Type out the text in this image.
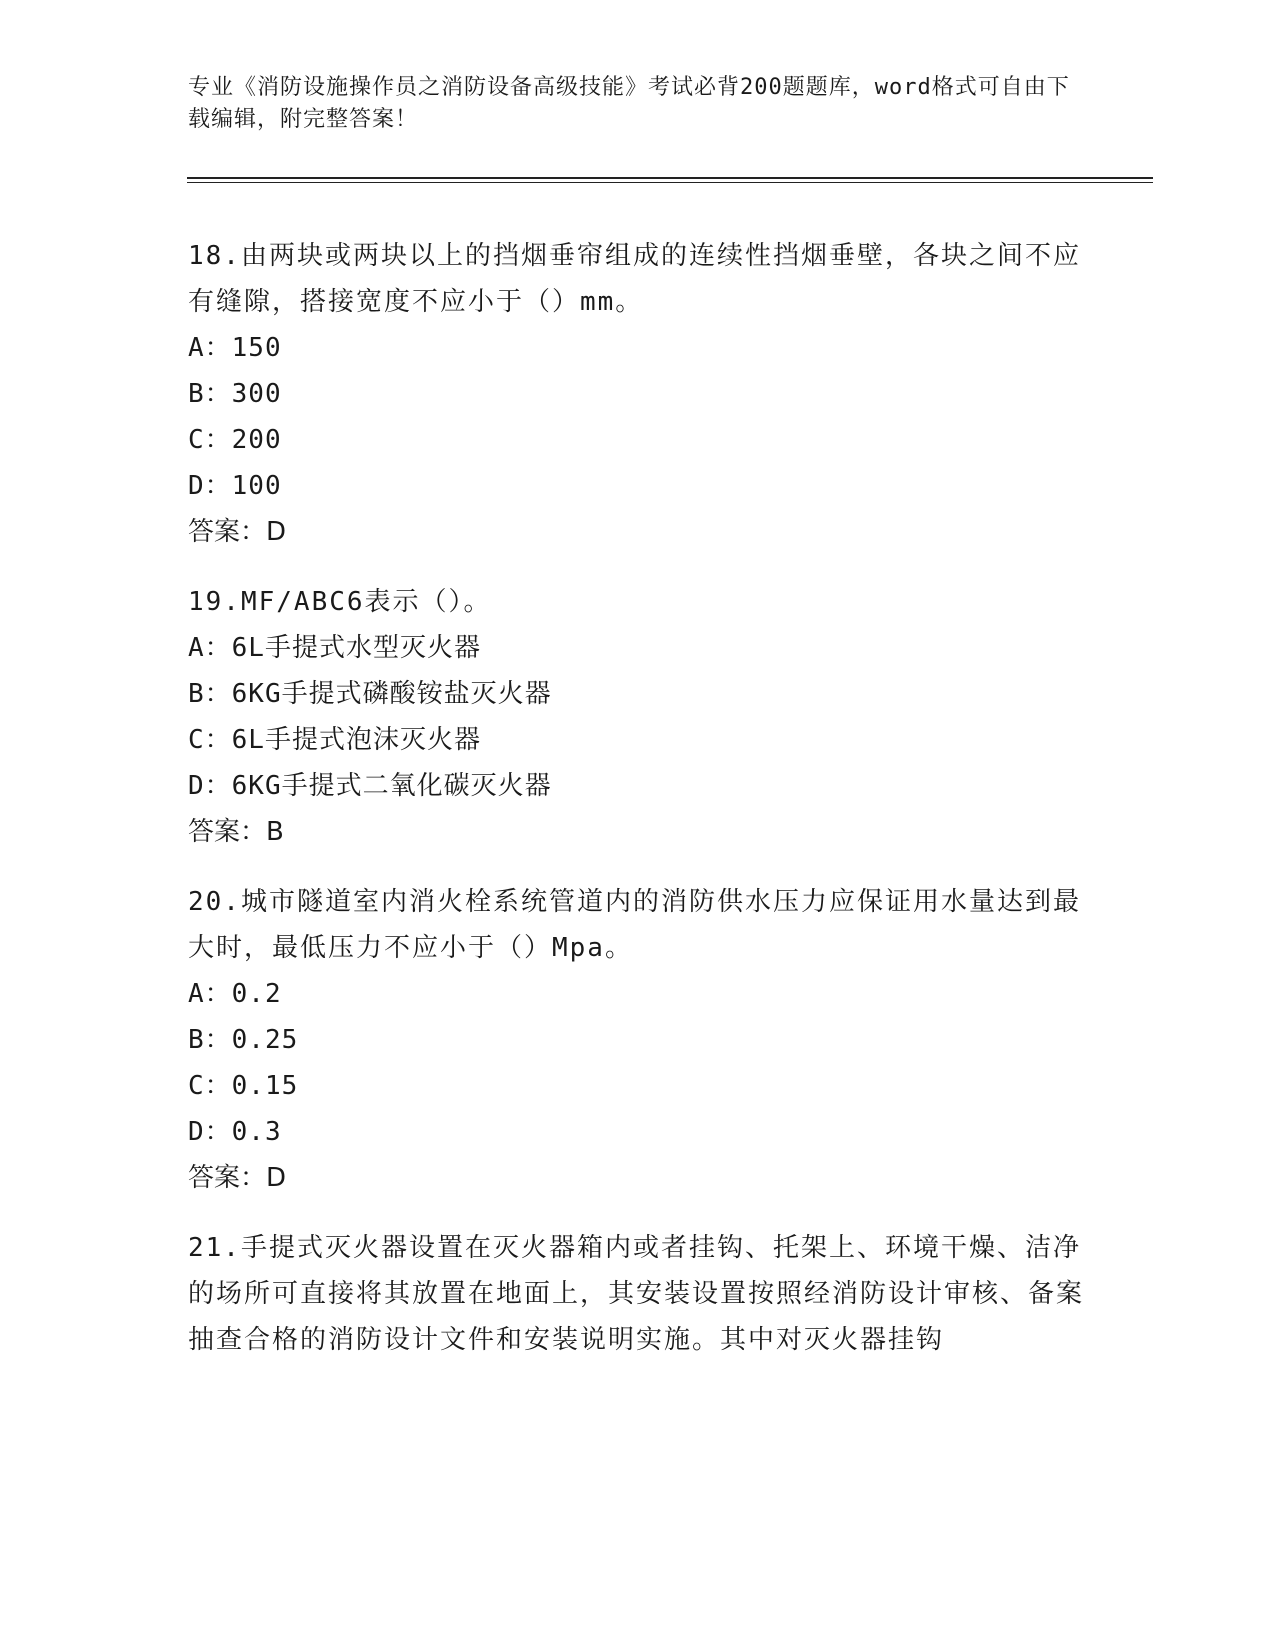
专业《消防设施操作员之消防设备高级技能》考试必背200题题库，word格式可自由下载编辑，附完整答案！

18.由两块或两块以上的挡烟垂帘组成的连续性挡烟垂壁，各块之间不应有缝隙，搭接宽度不应小于（）mm。

A：150

B：300

C：200

D：100

答案：D

19.MF/ABC6表示（）。

A：6L手提式水型灭火器

B：6KG手提式磷酸铵盐灭火器

C：6L手提式泡沫灭火器

D：6KG手提式二氧化碳灭火器

答案：B

20.城市隧道室内消火栓系统管道内的消防供水压力应保证用水量达到最大时，最低压力不应小于（）Mpa。

A：0.2

B：0.25

C：0.15

D：0.3

答案：D

21.手提式灭火器设置在灭火器箱内或者挂钩、托架上、环境干燥、洁净的场所可直接将其放置在地面上，其安装设置按照经消防设计审核、备案抽查合格的消防设计文件和安装说明实施。其中对灭火器挂钩
